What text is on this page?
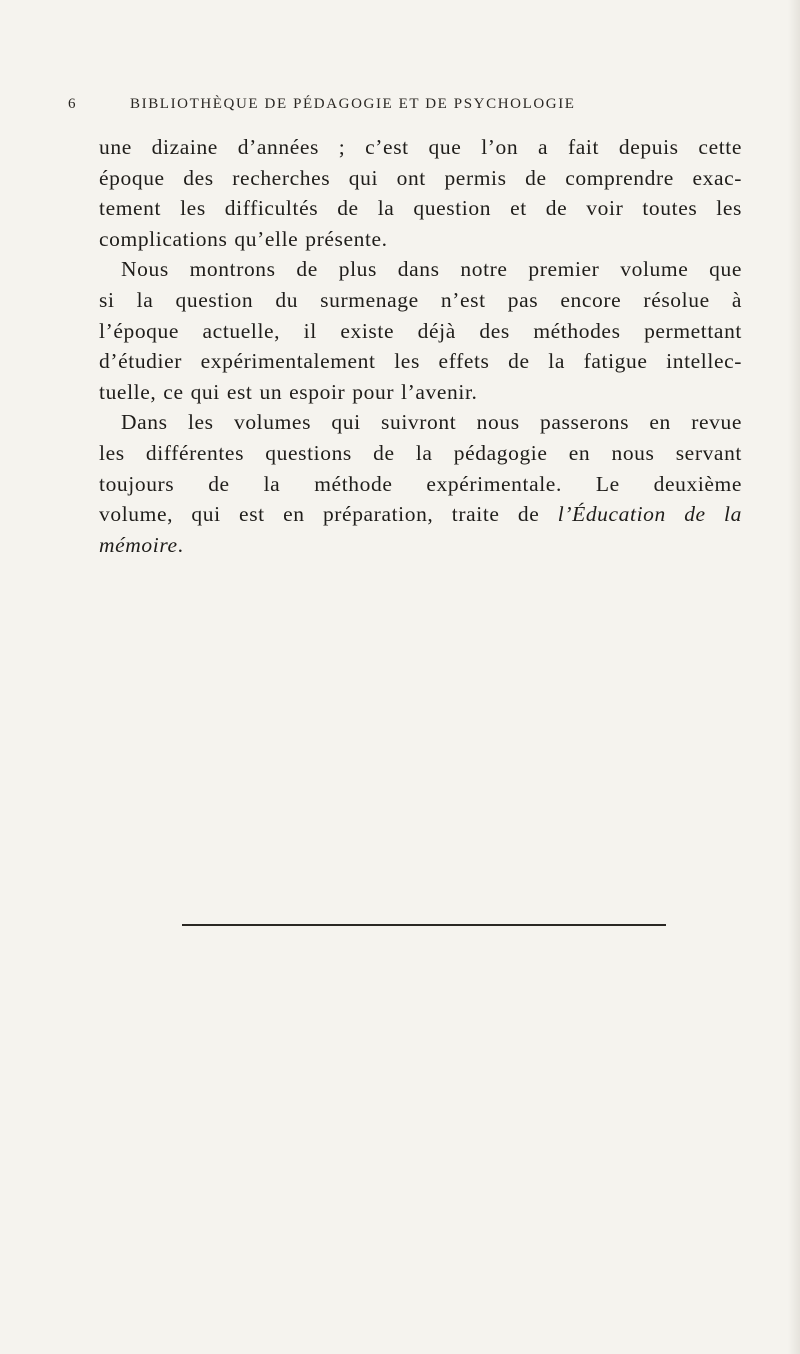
6	BIBLIOTHÈQUE DE PÉDAGOGIE ET DE PSYCHOLOGIE
une dizaine d’années ; c’est que l’on a fait depuis cette
époque des recherches qui ont permis de comprendre exac-
tement les difficultés de la question et de voir toutes les
complications qu’elle présente.
Nous montrons de plus dans notre premier volume que
si la question du surmenage n’est pas encore résolue à
l’époque actuelle, il existe déjà des méthodes permettant
d’étudier expérimentalement les effets de la fatigue intellec-
tuelle, ce qui est un espoir pour l’avenir.
Dans les volumes qui suivront nous passerons en revue
les différentes questions de la pédagogie en nous servant
toujours de la méthode expérimentale. Le deuxième
volume, qui est en préparation, traite de l’Éducation de la
mémoire.
